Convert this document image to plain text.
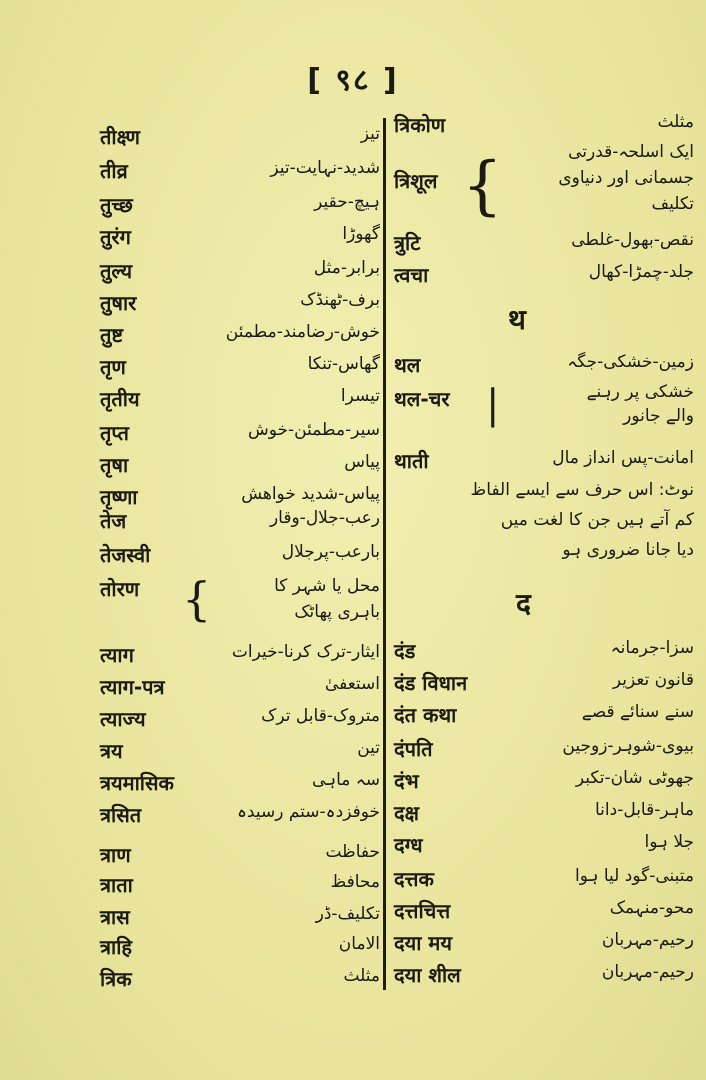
[ ९८ ]
तीक्ष्ण	تیز
तीव्र	شدید-نہایت-تیز
तुच्छ	ہیچ-حقیر
तुरंग	گھوڑا
तुल्य	برابر-مثل
तुषार	برف-ٹھنڈک
तुष्ट	خوش-رضامند-مطمئن
तृण	گھاس-تنکا
तृतीय	تیسرا
तृप्त	سیر-مطمئن-خوش
तृषा	پیاس
तृष्णा	پیاس-شدید خواهش
तेज	رعب-جلال-وقار
तेजस्वी	بارعب-پرجلال
तोरण {	محل یا شہر کا
باہری پھاٹک
त्याग	ایثار-ترک کرنا-خیرات
त्याग-पत्र	استعفیٰ
त्याज्य	متروک-قابل ترک
त्रय	تین
त्रयमासिक	سہ ماہی
त्रसित	خوفزدہ-ستم رسیدہ
त्राण	حفاظت
त्राता	محافظ
त्रास	تکلیف-ڈر
त्राहि	الامان
त्रिक	مثلث
त्रिकोण	مثلث
त्रिशूल {	ایک اسلحہ-قدرتی
جسمانی اور دنیاوی
تکلیف
त्रुटि	نقص-بھول-غلطی
त्वचा	جلد-چمڑا-کھال
थ
थल	زمین-خشکی-جگہ
थल-चर |	خشکی پر رہنے
والے جانور
थाती	امانت-پس انداز مال
نوٹ: اس حرف سے ایسے الفاظ
کم آتے ہیں جن کا لغت میں
دیا جانا ضروری ہو
द
दंड	سزا-جرمانہ
दंड विधान	قانون تعزیر
दंत कथा	سنے سنائے قصے
दंपति	بیوی-شوہر-زوجین
दंभ	جھوٹی شان-تکبر
दक्ष	ماہر-قابل-دانا
दग्ध	جلا ہوا
दत्तक	متبنی-گود لیا ہوا
दत्तचित्त	محو-منہمک
दया मय	رحیم-مہربان
दया शील	رحیم-مہربان
